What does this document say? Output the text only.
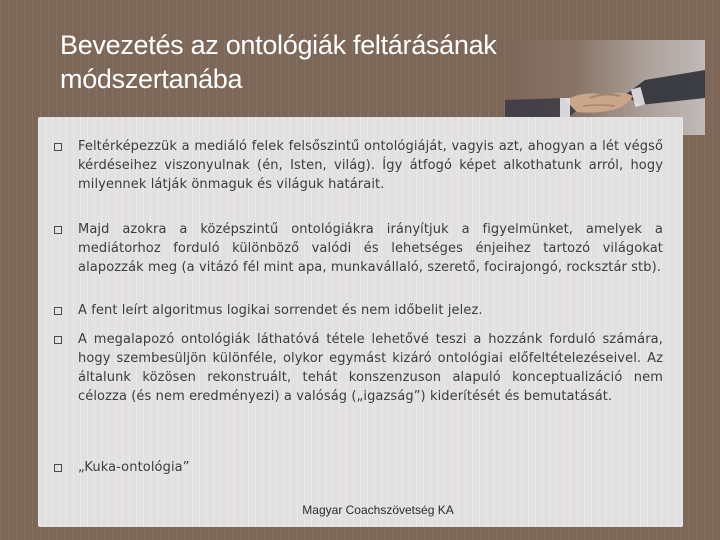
Bevezetés az ontológiák feltárásának módszertanába

Feltérképezzük a mediáló felek felsőszintű ontológiáját, vagyis azt, ahogyan a lét végső kérdéseihez viszonyulnak (én, Isten, világ). Így átfogó képet alkothatunk arról, hogy milyennek látják önmaguk és világuk határait.

Majd azokra a középszintű ontológiákra irányítjuk a figyelmünket, amelyek a mediátorhoz forduló különböző valódi és lehetséges énjeihez tartozó világokat alapozzák meg (a vitázó fél mint apa, munkavállaló, szerető, focirajongó, rocksztár stb).

A fent leírt algoritmus logikai sorrendet és nem időbelit jelez.

A megalapozó ontológiák láthatóvá tétele lehetővé teszi a hozzánk forduló számára, hogy szembesüljön különféle, olykor egymást kizáró ontológiai előfeltételezéseivel. Az általunk közösen rekonstruált, tehát konszenzuson alapuló konceptualizáció nem célozza (és nem eredményezi) a valóság („igazság”) kiderítését és bemutatását.

„Kuka-ontológia”

Magyar Coachszövetség KA
